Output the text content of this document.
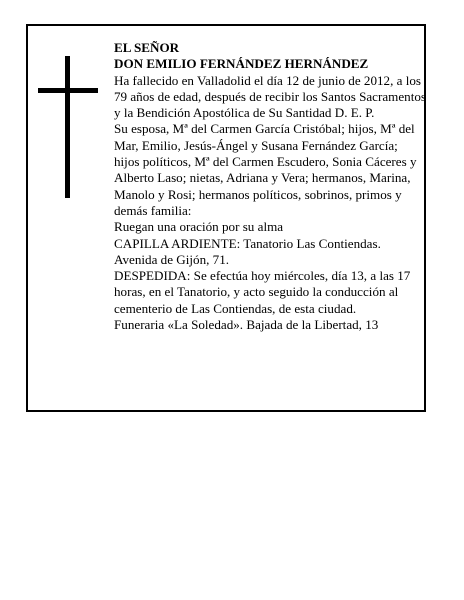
EL SEÑOR

DON EMILIO FERNÁNDEZ HERNÁNDEZ

Ha fallecido en Valladolid el día 12 de junio de 2012, a los 79 años de edad, después de recibir los Santos Sacramentos y la Bendición Apostólica de Su Santidad D. E. P.

Su esposa, Mª del Carmen García Cristóbal; hijos, Mª del Mar, Emilio, Jesús-Ángel y Susana Fernández García; hijos políticos, Mª del Carmen Escudero, Sonia Cáceres y Alberto Laso; nietas, Adriana y Vera; hermanos, Marina, Manolo y Rosi; hermanos políticos, sobrinos, primos y demás familia:

Ruegan una oración por su alma

CAPILLA ARDIENTE: Tanatorio Las Contiendas. Avenida de Gijón, 71.

DESPEDIDA: Se efectúa hoy miércoles, día 13, a las 17 horas, en el Tanatorio, y acto seguido la conducción al cementerio de Las Contiendas, de esta ciudad.

Funeraria «La Soledad». Bajada de la Libertad, 13
